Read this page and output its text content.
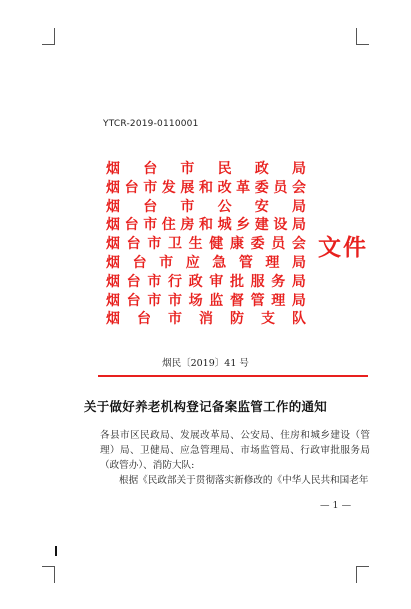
YTCR-2019-0110001

烟 台 市 民 政 局
烟 台 市 发 展 和 改 革 委 员 会
烟 台 市 公 安 局
烟 台 市 住 房 和 城 乡 建 设 局
烟 台 市 卫 生 健 康 委 员 会
烟 台 市 应 急 管 理 局
烟 台 市 行 政 审 批 服 务 局
烟 台 市 市 场 监 督 管 理 局
烟 台 市 消 防 支 队

文件

烟民〔2019〕41 号

关于做好养老机构登记备案监管工作的通知

各县市区民政局、发展改革局、公安局、住房和城乡建设（管理）局、卫健局、应急管理局、市场监管局、行政审批服务局（政管办）、消防大队:

根据《民政部关于贯彻落实新修改的《中华人民共和国老年

— 1 —
